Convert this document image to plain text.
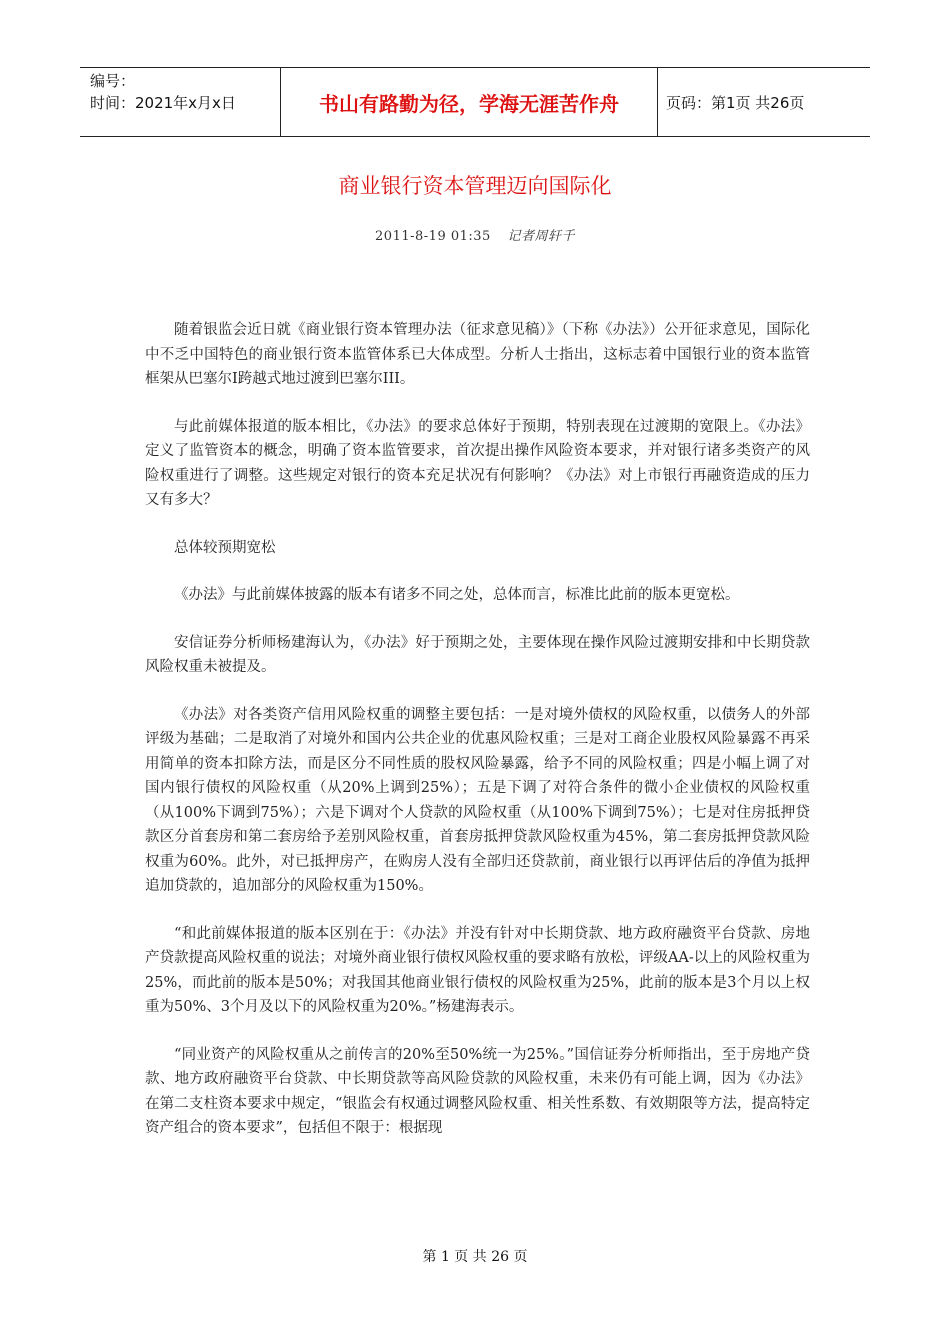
编号：
时间：2021年x月x日	书山有路勤为径，学海无涯苦作舟	页码：第1页 共26页
商业银行资本管理迈向国际化
2011-8-19 01:35 记者周轩千

随着银监会近日就《商业银行资本管理办法（征求意见稿）》（下称《办法》）公开征求意见，国际化中不乏中国特色的商业银行资本监管体系已大体成型。分析人士指出，这标志着中国银行业的资本监管框架从巴塞尔I跨越式地过渡到巴塞尔III。

与此前媒体报道的版本相比，《办法》的要求总体好于预期，特别表现在过渡期的宽限上。《办法》定义了监管资本的概念，明确了资本监管要求，首次提出操作风险资本要求，并对银行诸多类资产的风险权重进行了调整。这些规定对银行的资本充足状况有何影响？《办法》对上市银行再融资造成的压力又有多大？

总体较预期宽松

《办法》与此前媒体披露的版本有诸多不同之处，总体而言，标准比此前的版本更宽松。

安信证券分析师杨建海认为，《办法》好于预期之处，主要体现在操作风险过渡期安排和中长期贷款风险权重未被提及。

《办法》对各类资产信用风险权重的调整主要包括：一是对境外债权的风险权重，以债务人的外部评级为基础；二是取消了对境外和国内公共企业的优惠风险权重；三是对工商企业股权风险暴露不再采用简单的资本扣除方法，而是区分不同性质的股权风险暴露，给予不同的风险权重；四是小幅上调了对国内银行债权的风险权重（从20%上调到25%）；五是下调了对符合条件的微小企业债权的风险权重（从100%下调到75%）；六是下调对个人贷款的风险权重（从100%下调到75%）；七是对住房抵押贷款区分首套房和第二套房给予差别风险权重，首套房抵押贷款风险权重为45%，第二套房抵押贷款风险权重为60%。此外，对已抵押房产，在购房人没有全部归还贷款前，商业银行以再评估后的净值为抵押追加贷款的，追加部分的风险权重为150%。

“和此前媒体报道的版本区别在于：《办法》并没有针对中长期贷款、地方政府融资平台贷款、房地产贷款提高风险权重的说法；对境外商业银行债权风险权重的要求略有放松，评级AA-以上的风险权重为25%，而此前的版本是50%；对我国其他商业银行债权的风险权重为25%，此前的版本是3个月以上权重为50%、3个月及以下的风险权重为20%。”杨建海表示。

“同业资产的风险权重从之前传言的20%至50%统一为25%。”国信证券分析师指出，至于房地产贷款、地方政府融资平台贷款、中长期贷款等高风险贷款的风险权重，未来仍有可能上调，因为《办法》在第二支柱资本要求中规定，“银监会有权通过调整风险权重、相关性系数、有效期限等方法，提高特定资产组合的资本要求”，包括但不限于：根据现

第 1 页 共 26 页
